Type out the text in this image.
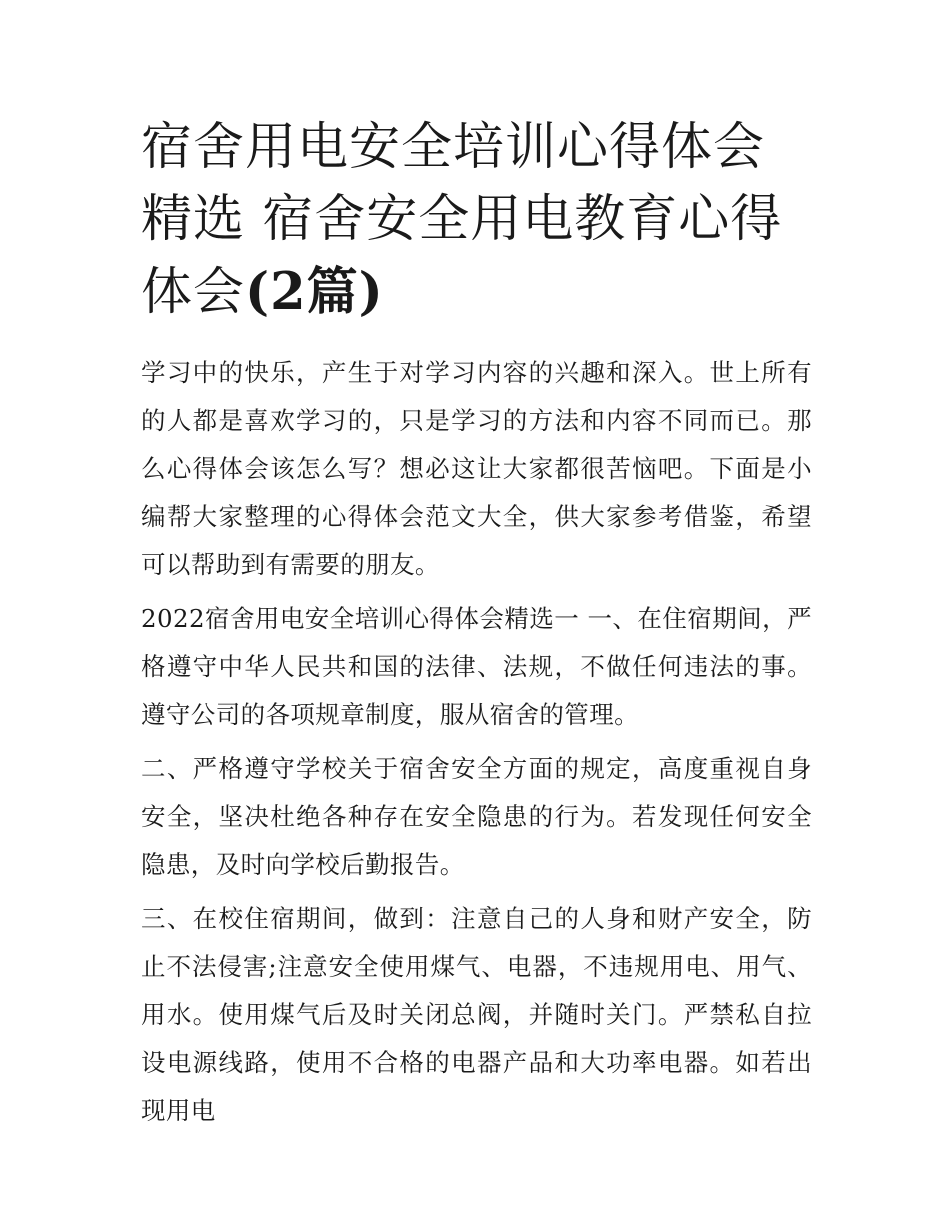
宿舍用电安全培训心得体会精选 宿舍安全用电教育心得体会(2篇)

学习中的快乐，产生于对学习内容的兴趣和深入。世上所有的人都是喜欢学习的，只是学习的方法和内容不同而已。那么心得体会该怎么写？想必这让大家都很苦恼吧。下面是小编帮大家整理的心得体会范文大全，供大家参考借鉴，希望可以帮助到有需要的朋友。

2022宿舍用电安全培训心得体会精选一 一、在住宿期间，严格遵守中华人民共和国的法律、法规，不做任何违法的事。遵守公司的各项规章制度，服从宿舍的管理。

二、严格遵守学校关于宿舍安全方面的规定，高度重视自身安全，坚决杜绝各种存在安全隐患的行为。若发现任何安全隐患，及时向学校后勤报告。

三、在校住宿期间，做到：注意自己的人身和财产安全，防止不法侵害;注意安全使用煤气、电器，不违规用电、用气、用水。使用煤气后及时关闭总阀，并随时关门。严禁私自拉设电源线路，使用不合格的电器产品和大功率电器。如若出现用电
